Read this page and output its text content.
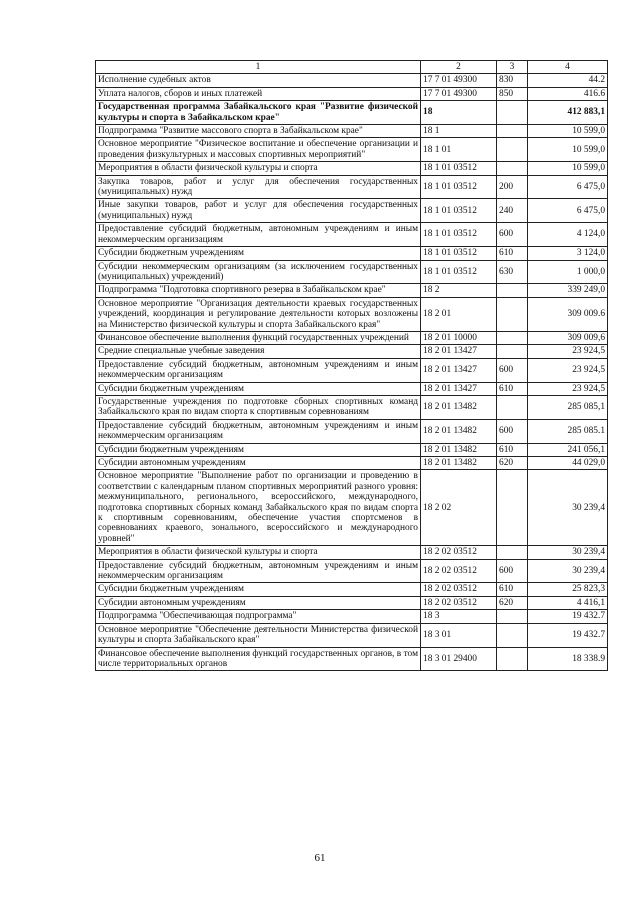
1	2	3	4
Исполнение судебных актов	17 7 01 49300	830	44.2
Уплата налогов, сборов и иных платежей	17 7 01 49300	850	416.6
Государственная программа Забайкальского края "Развитие физической культуры и спорта в Забайкальском крае"	18		412 883,1
Подпрограмма "Развитие массового спорта в Забайкальском крае"	18 1		10 599,0
Основное мероприятие "Физическое воспитание и обеспечение организации и проведения физкультурных и массовых спортивных мероприятий"	18 1 01		10 599,0
Мероприятия в области физической культуры и спорта	18 1 01 03512		10 599,0
Закупка товаров, работ и услуг для обеспечения государственных (муниципальных) нужд	18 1 01 03512	200	6 475,0
Иные закупки товаров, работ и услуг для обеспечения государственных (муниципальных) нужд	18 1 01 03512	240	6 475,0
Предоставление субсидий бюджетным, автономным учреждениям и иным некоммерческим организациям	18 1 01 03512	600	4 124,0
Субсидии бюджетным учреждениям	18 1 01 03512	610	3 124,0
Субсидии некоммерческим организациям (за исключением государственных (муниципальных) учреждений)	18 1 01 03512	630	1 000,0
Подпрограмма "Подготовка спортивного резерва в Забайкальском крае"	18 2		339 249,0
Основное мероприятие "Организация деятельности краевых государственных учреждений, координация и регулирование деятельности которых возложены на Министерство физической культуры и спорта Забайкальского края"	18 2 01		309 009.6
Финансовое обеспечение выполнения функций государственных учреждений	18 2 01 10000		309 009,6
Средние специальные учебные заведения	18 2 01 13427		23 924,5
Предоставление субсидий бюджетным, автономным учреждениям и иным некоммерческим организациям	18 2 01 13427	600	23 924,5
Субсидии бюджетным учреждениям	18 2 01 13427	610	23 924,5
Государственные учреждения по подготовке сборных спортивных команд Забайкальского края по видам спорта к спортивным соревнованиям	18 2 01 13482		285 085,1
Предоставление субсидий бюджетным, автономным учреждениям и иным некоммерческим организациям	18 2 01 13482	600	285 085.1
Субсидии бюджетным учреждениям	18 2 01 13482	610	241 056,1
Субсидии автономным учреждениям	18 2 01 13482	620	44 029,0
Основное мероприятие "Выполнение работ по организации и проведению в соответствии с календарным планом спортивных мероприятий разного уровня: межмуниципального, регионального, всероссийского, международного, подготовка спортивных сборных команд Забайкальского края по видам спорта к спортивным соревнованиям, обеспечение участия спортсменов в соревнованиях краевого, зонального, всероссийского и международного уровней"	18 2 02		30 239,4
Мероприятия в области физической культуры и спорта	18 2 02 03512		30 239,4
Предоставление субсидий бюджетным, автономным учреждениям и иным некоммерческим организациям	18 2 02 03512	600	30 239,4
Субсидии бюджетным учреждениям	18 2 02 03512	610	25 823,3
Субсидии автономным учреждениям	18 2 02 03512	620	4 416,1
Подпрограмма "Обеспечивающая подпрограмма"	18 3		19 432.7
Основное мероприятие "Обеспечение деятельности Министерства физической культуры и спорта Забайкальского края"	18 3 01		19 432.7
Финансовое обеспечение выполнения функций государственных органов, в том числе территориальных органов	18 3 01 29400		18 338.9
61
